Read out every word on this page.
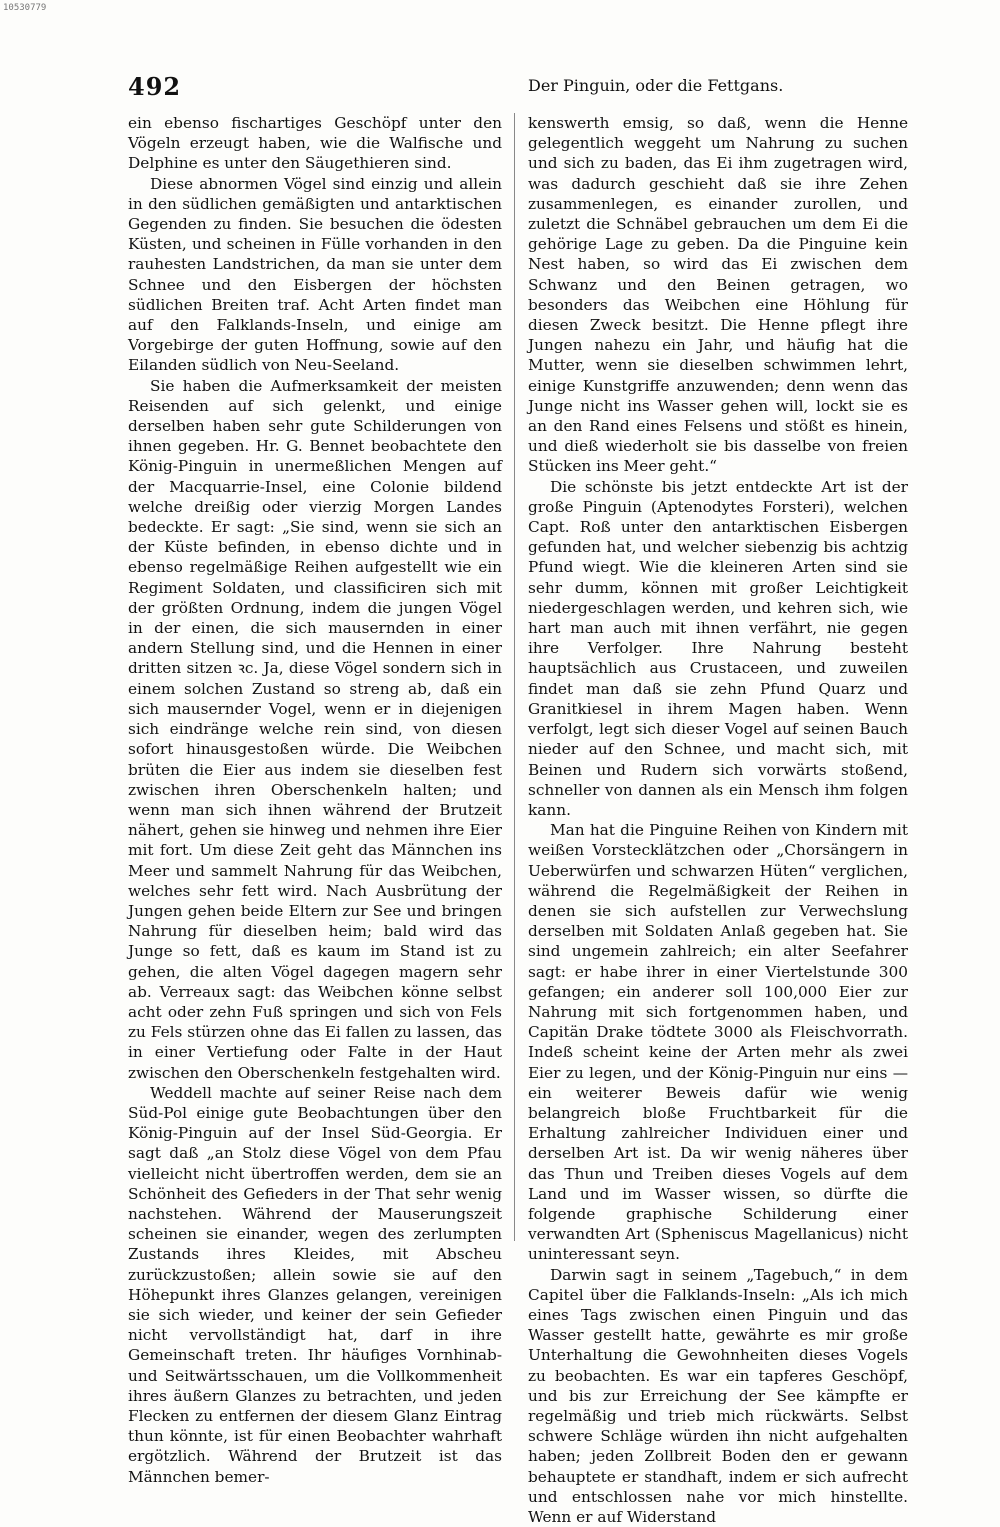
10530779
492	Der Pinguin, oder die Fettgans.

ein ebenso fischartiges Geschöpf unter den Vögeln erzeugt haben, wie die Walfische und Delphine es unter den Säugethieren sind.

Diese abnormen Vögel sind einzig und allein in den südlichen gemäßigten und antarktischen Gegenden zu finden. Sie besuchen die ödesten Küsten, und scheinen in Fülle vorhanden in den rauhesten Landstrichen, da man sie unter dem Schnee und den Eisbergen der höchsten südlichen Breiten traf. Acht Arten findet man auf den Falklands-Inseln, und einige am Vorgebirge der guten Hoffnung, sowie auf den Eilanden südlich von Neu-Seeland.

Sie haben die Aufmerksamkeit der meisten Reisenden auf sich gelenkt, und einige derselben haben sehr gute Schilderungen von ihnen gegeben. Hr. G. Bennet beobachtete den König-Pinguin in unermeßlichen Mengen auf der Macquarrie-Insel, eine Colonie bildend welche dreißig oder vierzig Morgen Landes bedeckte. Er sagt: „Sie sind, wenn sie sich an der Küste befinden, in ebenso dichte und in ebenso regelmäßige Reihen aufgestellt wie ein Regiment Soldaten, und classificiren sich mit der größten Ordnung, indem die jungen Vögel in der einen, die sich mausernden in einer andern Stellung sind, und die Hennen in einer dritten sitzen ꝛc. Ja, diese Vögel sondern sich in einem solchen Zustand so streng ab, daß ein sich mausernder Vogel, wenn er in diejenigen sich eindränge welche rein sind, von diesen sofort hinausgestoßen würde. Die Weibchen brüten die Eier aus indem sie dieselben fest zwischen ihren Oberschenkeln halten; und wenn man sich ihnen während der Brutzeit nähert, gehen sie hinweg und nehmen ihre Eier mit fort. Um diese Zeit geht das Männchen ins Meer und sammelt Nahrung für das Weibchen, welches sehr fett wird. Nach Ausbrütung der Jungen gehen beide Eltern zur See und bringen Nahrung für dieselben heim; bald wird das Junge so fett, daß es kaum im Stand ist zu gehen, die alten Vögel dagegen magern sehr ab. Verreaux sagt: das Weibchen könne selbst acht oder zehn Fuß springen und sich von Fels zu Fels stürzen ohne das Ei fallen zu lassen, das in einer Vertiefung oder Falte in der Haut zwischen den Oberschenkeln festgehalten wird.

Weddell machte auf seiner Reise nach dem Süd-Pol einige gute Beobachtungen über den König-Pinguin auf der Insel Süd-Georgia. Er sagt daß „an Stolz diese Vögel von dem Pfau vielleicht nicht übertroffen werden, dem sie an Schönheit des Gefieders in der That sehr wenig nachstehen. Während der Mauserungszeit scheinen sie einander, wegen des zerlumpten Zustands ihres Kleides, mit Abscheu zurückzustoßen; allein sowie sie auf den Höhepunkt ihres Glanzes gelangen, vereinigen sie sich wieder, und keiner der sein Gefieder nicht vervollständigt hat, darf in ihre Gemeinschaft treten. Ihr häufiges Vornhinab- und Seitwärtsschauen, um die Vollkommenheit ihres äußern Glanzes zu betrachten, und jeden Flecken zu entfernen der diesem Glanz Eintrag thun könnte, ist für einen Beobachter wahrhaft ergötzlich. Während der Brutzeit ist das Männchen bemer-

kenswerth emsig, so daß, wenn die Henne gelegentlich weggeht um Nahrung zu suchen und sich zu baden, das Ei ihm zugetragen wird, was dadurch geschieht daß sie ihre Zehen zusammenlegen, es einander zurollen, und zuletzt die Schnäbel gebrauchen um dem Ei die gehörige Lage zu geben. Da die Pinguine kein Nest haben, so wird das Ei zwischen dem Schwanz und den Beinen getragen, wo besonders das Weibchen eine Höhlung für diesen Zweck besitzt. Die Henne pflegt ihre Jungen nahezu ein Jahr, und häufig hat die Mutter, wenn sie dieselben schwimmen lehrt, einige Kunstgriffe anzuwenden; denn wenn das Junge nicht ins Wasser gehen will, lockt sie es an den Rand eines Felsens und stößt es hinein, und dieß wiederholt sie bis dasselbe von freien Stücken ins Meer geht.“

Die schönste bis jetzt entdeckte Art ist der große Pinguin (Aptenodytes Forsteri), welchen Capt. Roß unter den antarktischen Eisbergen gefunden hat, und welcher siebenzig bis achtzig Pfund wiegt. Wie die kleineren Arten sind sie sehr dumm, können mit großer Leichtigkeit niedergeschlagen werden, und kehren sich, wie hart man auch mit ihnen verfährt, nie gegen ihre Verfolger. Ihre Nahrung besteht hauptsächlich aus Crustaceen, und zuweilen findet man daß sie zehn Pfund Quarz und Granitkiesel in ihrem Magen haben. Wenn verfolgt, legt sich dieser Vogel auf seinen Bauch nieder auf den Schnee, und macht sich, mit Beinen und Rudern sich vorwärts stoßend, schneller von dannen als ein Mensch ihm folgen kann.

Man hat die Pinguine Reihen von Kindern mit weißen Vorstecklätzchen oder „Chorsängern in Ueberwürfen und schwarzen Hüten“ verglichen, während die Regelmäßigkeit der Reihen in denen sie sich aufstellen zur Verwechslung derselben mit Soldaten Anlaß gegeben hat. Sie sind ungemein zahlreich; ein alter Seefahrer sagt: er habe ihrer in einer Viertelstunde 300 gefangen; ein anderer soll 100,000 Eier zur Nahrung mit sich fortgenommen haben, und Capitän Drake tödtete 3000 als Fleischvorrath. Indeß scheint keine der Arten mehr als zwei Eier zu legen, und der König-Pinguin nur eins — ein weiterer Beweis dafür wie wenig belangreich bloße Fruchtbarkeit für die Erhaltung zahlreicher Individuen einer und derselben Art ist. Da wir wenig näheres über das Thun und Treiben dieses Vogels auf dem Land und im Wasser wissen, so dürfte die folgende graphische Schilderung einer verwandten Art (Spheniscus Magellanicus) nicht uninteressant seyn.

Darwin sagt in seinem „Tagebuch,“ in dem Capitel über die Falklands-Inseln: „Als ich mich eines Tags zwischen einen Pinguin und das Wasser gestellt hatte, gewährte es mir große Unterhaltung die Gewohnheiten dieses Vogels zu beobachten. Es war ein tapferes Geschöpf, und bis zur Erreichung der See kämpfte er regelmäßig und trieb mich rückwärts. Selbst schwere Schläge würden ihn nicht aufgehalten haben; jeden Zollbreit Boden den er gewann behauptete er standhaft, indem er sich aufrecht und entschlossen nahe vor mich hinstellte. Wenn er auf Widerstand
